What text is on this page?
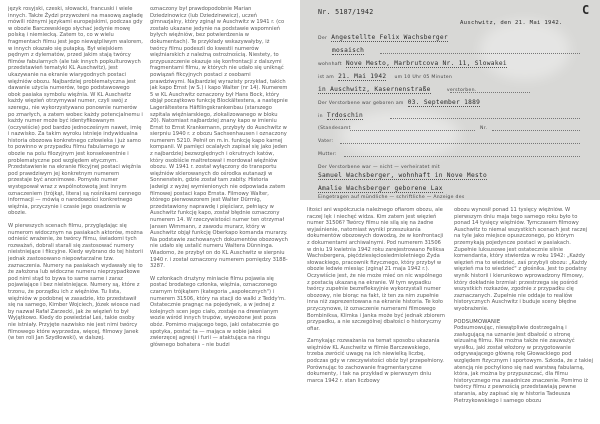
język rosyjski, czeski, słowacki, francuski i wiele innych. Także Żydzi przywożeni na masową zagładę mówili różnymi językami europejskimi, podczas gdy w obozie Barczewskiego słychać jedynie mowę polską i niemiecką. Zatem to, co w wielu fragmentach filmu jest jego niewątpliwym walorem, w innych okazało się pułapką. Był wiejskiem pędnym z dylematów, przed jakim stają twórcy filmów fabularnych (ale tak innych popkulturowych przedstawień tematyki KL Auschwitz), jest ukazywanie na ekranie wiarygodnych postaci więźniów obozu. Najbardziej problematyczna jest dawanie użycia numerów, tego podstawowego obok pasiaka symbolu więźnia. W KL Auschwitz każdy więzień otrzymywał numer, czyli swój z szeregu, nie wykorzystywano ponownie numerów po zmarłych, a zatem wobec każdy potencjalnemu i każdy numer może być identyfikowanym (oczywiście) pod bardzo jednocześnym nawet, imię i nazwisko. Za takim wyroku istnieje indywidualna historia obozowa konkretnego człowieka i już samo to powinno w przypadku filmu fabularnego w obozie na polu filozyjnym jest konsekwentnie i problematyczne pod względem etycznym. Przedstawienie na ekranie fikcyjnej postaci więźnia pod prawdziwym jej konkretnym numerem przestaje być anonimowe. Pomysło numer występował wraz z wspólnotowotą jest innym oznaczeniem (trójkąt, litera) są nośnikami cennego informacji — mówią o narodowości konkretnego więźnia, przyczynie i czasie jego osadzenia w obozie.

W pierwszych scenach filmu, przyglądając się numerom widocznym na pasiakach aktorów, można odnieść wrażenie, że twórcy filmu, świadomi tych rozważań, dobrali starali się zastosować numery nieistniejące i fikcyjne. Kiedy wybrano do tej historii jednak zastosowano niepowtarzalne tzw. zaznaczenia. Numery na pasiakach wydawały się to że założona lub widoczne numeru nieprzypadkowe pod nimi stąd to bywa to same same i zaraz pojawiające i bez nieistniejące. Numery są, które z trzonu, że porządku ich z więźniów. Tu lista, więźniów w podobnej w zasadzie, kto przedstawił się na samego, Kimber Wojciech, Józek wiosce nad by nazwał Rafał Zarzecki, jak że więzień to był Wyjątkowo. Kiedy do powiedział Leś, takie osoby nie istniały. Przyjęte nazwisko nie jest nimi twórcy filmowego które wyprzedza, więcej, filmowy Janek (w ten roli Jan Szydłowski), w dalszej.

oznaczony był prawdopodobnie Marian Dziedzinowicz (lub Dziedzinewicz), uczeń gimnazjalny, który zginął w Auschwitz w 1941 r. (co zostało ukazane jedynie na podstawie wspomnień byłych więźniów, bez potwierdzenia w dokumentach). Te przykłady wskazywałyby, iż twórcy filmu podeszli do kwestii numerów więźniarskich z należną ostrożnością. Niestety, to przypuszczenie okazuje się konfrontacji z dalszymi fragmentami filmu, w których nie udało się uniknąć powiązań fikcyjnych postaci z osobami prawdziwymi. Najbardziej wyrazisty przykład, takich jak kapo Ernst (w S.) i kapo Walter (nr 14). Numerem 5 w KL Auschwitz oznaczony był Hans Bock, który objął początkowo funkcję Blockältestera, a następnie Lagerältestera Häftlingskrankenbau (starszego szpitala więźniarskiego, zlokalizowanego w bloku 20). Natomiast najbardziej znany kapo w imieniu Ernst to Ernst Krankemann, przybyły do Auschwitz w sierpniu 1940 r. z obozu Sachsenhausen i oznaczony numerem 5210. Pełnił on m.in. funkcję kapo karnej kompanii. W pamięci ocalałych zapisał się jako jeden z najbardziej bezwzględnych i okrutnych katów, który osobiście maltretował i mordował więźniów obozu. W 1941 r. został wyłączony do transportu więźniów skierowanych do ośrodka eutanazji w Sonnenstein, gdzie został tam zabity. Historia Jadwigi z wyżej wymienionych nie odpowiada zatem filmowej postaci kapo Ernsta. Filmowy Walter, którego pierwowzorem jest Walter Dürmig, przedstawiony naprawdę i pięściarz, pełniący w Auschwitz funkcję kapo, został błędnie oznaczony numerem 14. W rzeczywistości numer ten otrzymał Jansen Wimmann, z zawodu murarz, który w Auschwitz objął funkcję Oberkapo komanda murarzy. Na podstawie zachowanych dokumentów obozowych nie udało się ustalić numeru Waltera Dünninga. Wiadomo, że przybył on do KL Auschwitz w sierpniu 1940 r. i został oznaczony numerem pomiędzy 3188-3287.

W członkach drużyny miniacie filmu pojawia się postać brodatego członka, więźnia, oznaczonego czarnym trójkątem (kategoria „aspołecznych") i numerem 31506, który na stacji do walki z Teddy'm. Ostatecznie pragnąc na pojedynek, a w jednej z kolejnych scen jego ciało, zostaje na drewnianym wozie wśród innych trupów, wywożone jest poza obóz. Pomimo mającego tego, jaki ostatecznie go spotyka, postać ta — mająca w sobie jakoś zwierzęcej agresji i furii — ataktująca na ringu głównego bohatera – nie budzi

Nr. 5187/1942	C
Auschwitz, den 21. Mai 1942.
Der Angestellte Felix Wachsberger
mosaisch
wohnhaft Nove Mesto, Marbrutcova Nr. 11, Slowakei
ist am 21. Mai 1942 um 10 Uhr 05 Minuten
in Auschwitz, Kasernenstraße	verstorben.
Der Verstorbene war geboren am 03. September 1889
in Trdoschin
(Standesamt	Nr.
Vater:
Mutter:
Der Verstorbene war — nicht — verheiratet mit
Samuel Wachsberger, wohnhaft in Nove Mesto
Amalie Wachsberger geborene Lax
Eingetragen auf mündliche — schriftliche — Anzeige des

litości ani współczucia należnego ofiarom obozu, ale raczej lęk i niechęć widza. Kim zatem jest więzień numer 31506? Twórcy filmu nie silą się na żadne wyjaśnienie, natomiast wyniki przeszukania dokumentów obozowych dowodzą, że w konfrontacji z dokumentami archiwalnymi. Pod numerem 31506 w dniu 19 kwietnia 1942 roku zarejestrowano Feliksa Wachsbergera, pięćdziesięciosiedmioletniego Żyda słowackiego, pracownik fizycznego, który przybył w obozie ledwie miesiąc (zginął 21 maja 1942 r.). Oczywiście jest, że nie może mieć on nic wspólnego z postacią ukazaną na ekranie. W tym wypadku twórcy zupełnie bezrefleksyjnie wykorzystali numer obozowy, nie biorąc na fakt, iż ten za nim zupełnie inna niż zaprezentowana na ekranie historia. Te koło przyczynowe, iż oznaczenie numerami filmowego Bombiniksa, Klimka i Janka może być jednak zbiorem przypadku, a nie szczególnej dbałości o historyczny ofiar.

Zamykając rozważania na temat sposobu ukazania więźniów KL Auschwitz w filmie Barczewskiego, trzeba zwrócić uwagę na ich niewielką liczbę, podczas gdy w rzeczywistości obóz był przepełniony. Porównując to zachowanie fragmentaryczne dokumenty, i tak na przykład w pierwszym dniu marca 1942 r. stan liczbowy

obozu wynosił ponad 11 tysięcy więźniów. W pierwszym dniu maja tego samego roku było to ponad 14 tysięcy więźniów. Tymczasem filmowy Auschwitz to niemal wszystkich scenach jest raczej na tyle jako miejsce opuszczonego, po którym przemykają pojedyncze postaci w pasiakach. Zupełnie luksusowe jest ostatecznie silnie komendanta, który stwierdza w roku 1942: „Każdy więzień ma to wiedzieć, zaś przybyli obozu: „Każdy więzień ma to wiedzieć" z głośnika. Jest to podatny wynik historii i kierunkowo wprowadzony filmowy, który dokładnie brzmiał: przestrzega się pośród wszystkich rozkazów, zgodnie z przypadku cię zaznaczanych. Zupełnie nie oddaje to realiów historycznych Auschwitz i buduje sceny błędne wyobrażenie.

PODSUMOWANIE

Podsumowując, niewątpliwie dostrzegalną i zasługującą na uznanie jest dbałość o stronę wizualną filmu. Nie można także nie zauważyć wysiłku, jaki został włożony w przygotowanie odgrywającego główną rolę Głowackiego pod względem fizycznym i sportowym. Szkoda, że z takiej atencją nie pochyliono się nad warstwą fabularną, która, jak można by przypuszczać, dla filmu historycznego ma zasadnicze znaczenie. Pomimo iż twórcy filmu z pewnością przedstawiają pewne starania, aby zapisać się w historia Tadeusza Pietrzykowskiego i samego obozu
